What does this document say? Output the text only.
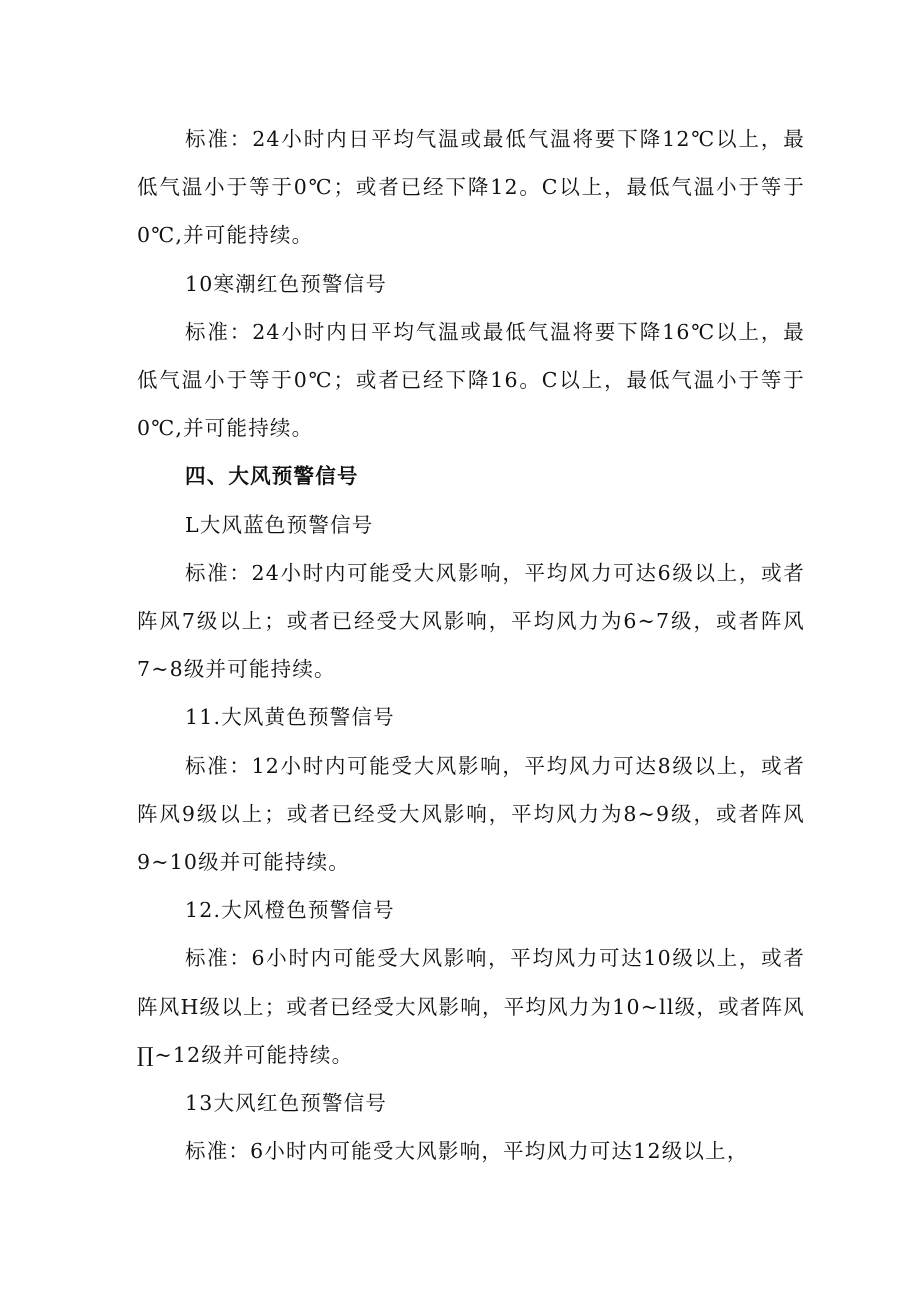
标准：24小时内日平均气温或最低气温将要下降12℃以上，最低气温小于等于0℃；或者已经下降12。C以上，最低气温小于等于0℃,并可能持续。

10寒潮红色预警信号

标准：24小时内日平均气温或最低气温将要下降16℃以上，最低气温小于等于0℃；或者已经下降16。C以上，最低气温小于等于0℃,并可能持续。

四、大风预警信号

L大风蓝色预警信号

标准：24小时内可能受大风影响，平均风力可达6级以上，或者阵风7级以上；或者已经受大风影响，平均风力为6~7级，或者阵风7~8级并可能持续。

11.大风黄色预警信号

标准：12小时内可能受大风影响，平均风力可达8级以上，或者阵风9级以上；或者已经受大风影响，平均风力为8~9级，或者阵风9~10级并可能持续。

12.大风橙色预警信号

标准：6小时内可能受大风影响，平均风力可达10级以上，或者阵风H级以上；或者已经受大风影响，平均风力为10~ll级，或者阵风∏~12级并可能持续。

13大风红色预警信号

标准：6小时内可能受大风影响，平均风力可达12级以上，
